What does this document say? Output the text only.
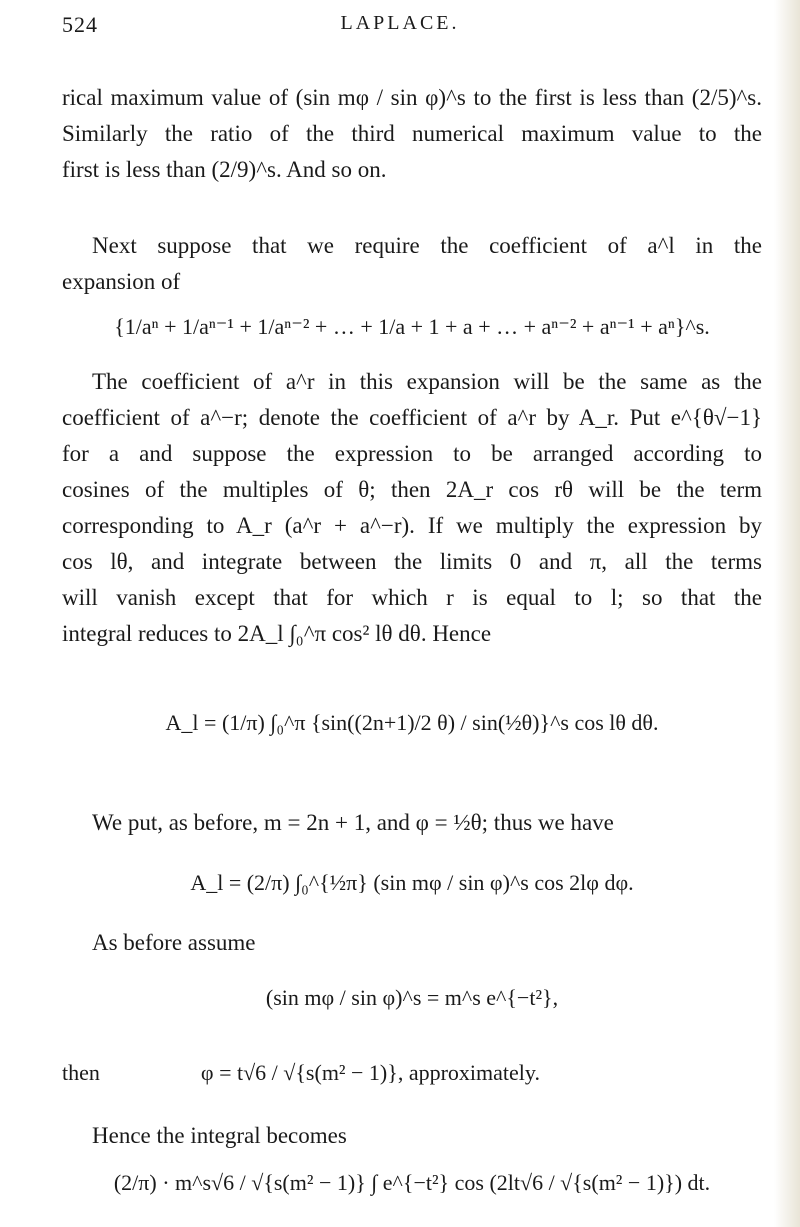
524	LAPLACE.
rical maximum value of (sin mφ / sin φ)^s to the first is less than (2/5)^s.
Similarly the ratio of the third numerical maximum value to the
first is less than (2/9)^s. And so on.
Next suppose that we require the coefficient of a^l in the
expansion of
{1/aⁿ + 1/aⁿ⁻¹ + 1/aⁿ⁻² + … + 1/a + 1 + a + … + aⁿ⁻² + aⁿ⁻¹ + aⁿ}^s.
The coefficient of a^r in this expansion will be the same as the
coefficient of a^−r; denote the coefficient of a^r by A_r. Put e^{θ√−1}
for a and suppose the expression to be arranged according to
cosines of the multiples of θ; then 2A_r cos rθ will be the term
corresponding to A_r (a^r + a^−r). If we multiply the expression by
cos lθ, and integrate between the limits 0 and π, all the terms
will vanish except that for which r is equal to l; so that the
integral reduces to 2A_l ∫₀^π cos² lθ dθ. Hence
A_l = (1/π) ∫₀^π {sin((2n+1)/2 θ) / sin(½θ)}^s cos lθ dθ.
We put, as before, m = 2n + 1, and φ = ½θ; thus we have
A_l = (2/π) ∫₀^{½π} (sin mφ / sin φ)^s cos 2lφ dφ.
As before assume
(sin mφ / sin φ)^s = m^s e^{−t²},
then	φ = t√6 / √{s(m² − 1)}, approximately.
Hence the integral becomes
(2/π) · m^s√6 / √{s(m² − 1)} ∫ e^{−t²} cos (2lt√6 / √{s(m² − 1)}) dt.
